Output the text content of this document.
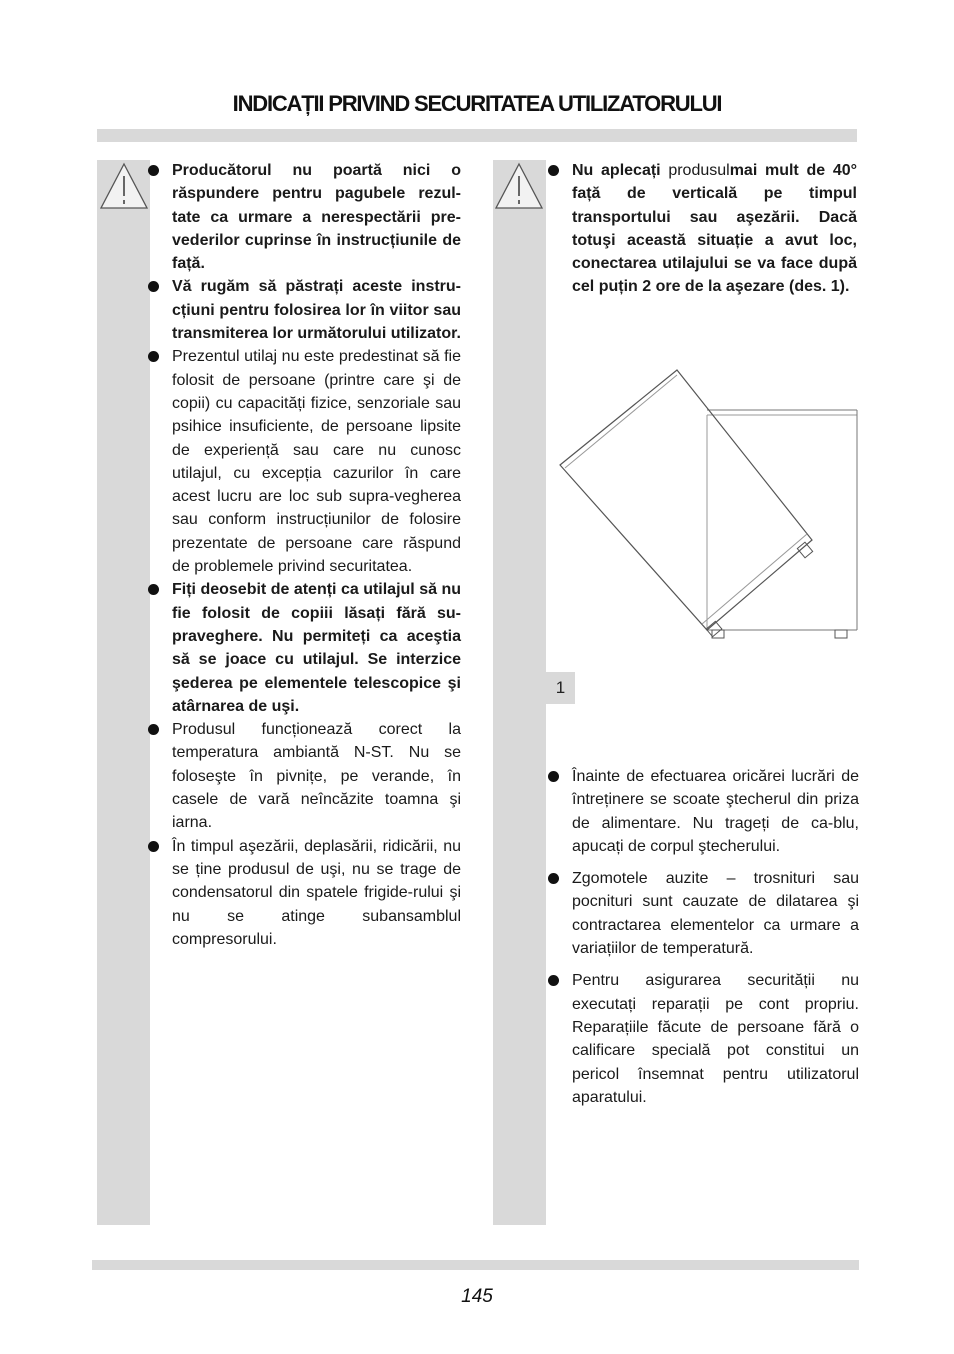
INDICAȚII PRIVIND SECURITATEA UTILIZATORULUI
Producătorul nu poartă nici o răspundere pentru pagubele rezul-tate ca urmare a nerespectării pre-vederilor cuprinse în instrucțiunile de față.
Vă rugăm să păstrați aceste instru-cțiuni pentru folosirea lor în viitor sau transmiterea lor următorului utilizator.
Prezentul utilaj nu este predestinat să fie folosit de persoane (printre care şi de copii) cu capacități fizice, senzoriale sau psihice insuficiente, de persoane lipsite de experiență sau care nu cunosc utilajul, cu excepția cazurilor în care acest lucru are loc sub supra-vegherea sau conform instrucțiunilor de folosire prezentate de persoane care răspund de problemele privind securitatea.
Fiți deosebit de atenți ca utilajul să nu fie folosit de copiii lăsați fără su-praveghere. Nu permiteți ca aceştia să se joace cu utilajul. Se interzice şederea pe elementele telescopice şi atârnarea de uşi.
Produsul funcționează corect la temperatura ambiantă N-ST. Nu se foloseşte în pivnițe, pe verande, în casele de vară neîncăzite toamna şi iarna.
În timpul aşezării, deplasării, ridicării, nu se ține produsul de uşi, nu se trage de condensatorul din spatele frigide-rului şi nu se atinge subansamblul compresorului.
Nu aplecați produsulmai mult de 40° față de verticală pe timpul transportului sau aşezării. Dacă totuşi această situație a avut loc, conectarea utilajului se va face după cel puțin 2 ore de la aşezare (des. 1).
1
Înainte de efectuarea oricărei lucrări de întreținere se scoate ştecherul din priza de alimentare. Nu trageți de ca-blu, apucați de corpul ştecherului.
Zgomotele auzite – trosnituri sau pocnituri sunt cauzate de dilatarea şi contractarea elementelor ca urmare a variațiilor de temperatură.
Pentru asigurarea securității nu executați reparații pe cont propriu. Reparațiile făcute de persoane fără o calificare specială pot constitui un pericol însemnat pentru utilizatorul aparatului.
145
